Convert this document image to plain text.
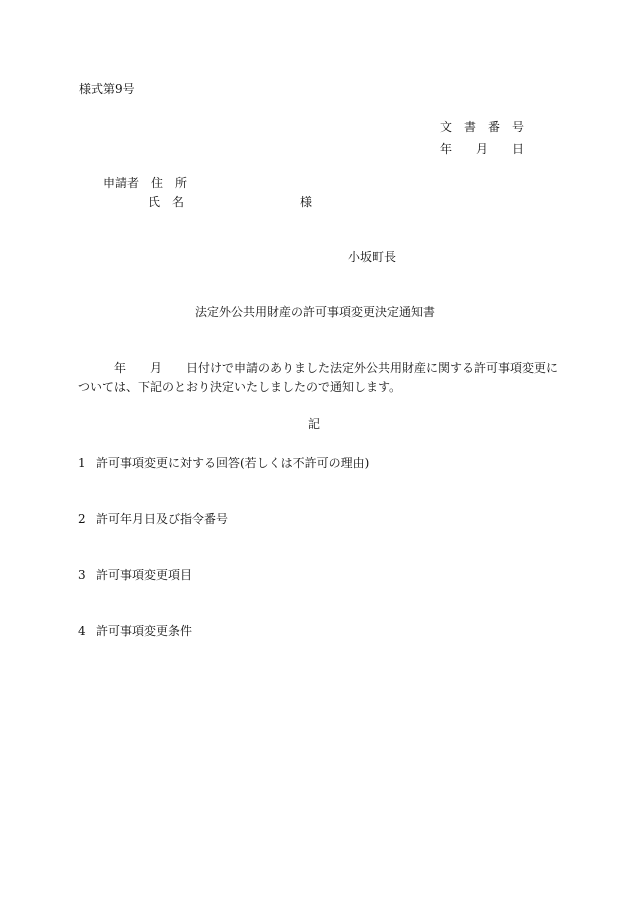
様式第9号
文　書　番　号
年　　月　　日
申請者　住　所
氏　名	様
小坂町長
法定外公共用財産の許可事項変更決定通知書

　　　年　　月　　日付けで申請のありました法定外公共用財産に関する許可事項変更に

ついては、下記のとおり決定いたしましたので通知します。

記
1 許可事項変更に対する回答(若しくは不許可の理由)
2 許可年月日及び指令番号
3 許可事項変更項目
4 許可事項変更条件
